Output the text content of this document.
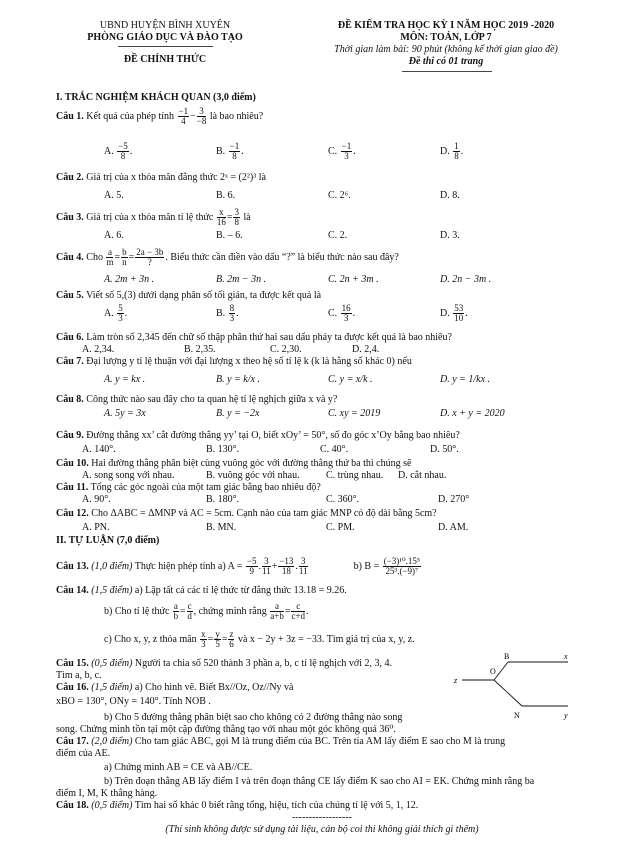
UBND HUYỆN BÌNH XUYÊN
PHÒNG GIÁO DỤC VÀ ĐÀO TẠO
ĐỀ CHÍNH THỨC
ĐỀ KIỂM TRA HỌC KỲ I NĂM HỌC 2019 -2020
MÔN: TOÁN, LỚP 7
Thời gian làm bài: 90 phút (không kể thời gian giao đề)
Đề thi có 01 trang
I. TRẮC NGHIỆM KHÁCH QUAN (3,0 điểm)
Câu 1. Kết quả của phép tính $\frac{-1}{4} - \frac{3}{-8}$ là bao nhiêu?
A. $\frac{-5}{8}$ .	B. $\frac{-1}{8}$ .	C. $\frac{-1}{3}$ .	D. $\frac{1}{8}$ .
Câu 2. Giá trị của x thỏa mãn đẳng thức 2ˣ = (2²)³ là
A. 5.	B. 6.	C. 2⁶.	D. 8.
Câu 3. Giá trị của x thỏa mãn tỉ lệ thức $\frac{x}{16} = \frac{3}{8}$ là
A. 6.	B. – 6.	C. 2.	D. 3.
Câu 4. Cho $\frac{a}{m} = \frac{b}{n} = \frac{2a - 3b}{?}$ . Biểu thức cần điền vào dấu “?” là biểu thức nào sau đây?
A. 2m + 3n .	B. 2m − 3n .	C. 2n + 3m .	D. 2n − 3m .
Câu 5. Viết số 5,(3) dưới dạng phân số tối giản, ta được kết quả là
A. $\frac{5}{3}$ .	B. $\frac{8}{3}$ .	C. $\frac{16}{3}$ .	D. $\frac{53}{10}$ .
Câu 6. Làm tròn số 2,345 đến chữ số thập phân thứ hai sau dấu phảy ta được kết quả là bao nhiêu?
A. 2,34.	B. 2,35.	C. 2,30.	D. 2,4.
Câu 7. Đại lượng y tỉ lệ thuận với đại lượng x theo hệ số tỉ lệ k (k là hằng số khác 0) nếu
A. y = kx .	B. y = k/x .	C. y = x/k .	D. y = 1/kx .
Câu 8. Công thức nào sau đây cho ta quan hệ tỉ lệ nghịch giữa x và y?
A. 5y = 3x	B. y = −2x	C. xy = 2019	D. x + y = 2020
Câu 9. Đường thẳng xx’ cắt đường thẳng yy’ tại O, biết xOy’ = 50°, số đo góc x’Oy bằng bao nhiêu?
A. 140°.	B. 130°.	C. 40°.	D. 50°.
Câu 10. Hai đường thẳng phân biệt cùng vuông góc với đường thẳng thứ ba thì chúng sẽ
A. song song với nhau.	B. vuông góc với nhau.	C. trùng nhau. D. cắt nhau.
Câu 11. Tổng các góc ngoài của một tam giác bằng bao nhiêu độ?
A. 90°.	B. 180°.	C. 360°.	D. 270°
Câu 12. Cho ΔABC = ΔMNP và AC = 5cm. Cạnh nào của tam giác MNP có độ dài bằng 5cm?
A. PN.	B. MN.	C. PM.	D. AM.
II. TỰ LUẬN (7,0 điểm)
Câu 13. (1,0 điểm) Thực hiện phép tính a) $A = \frac{-5}{9}$ . $\frac{3}{11} + \frac{-13}{18}$ . $\frac{3}{11}$	b) $B = \frac{\text{(−3)¹⁰.15⁵}}{\text{25³.(−9)⁷}}$
Câu 14. (1,5 điểm) a) Lập tất cả các tỉ lệ thức từ đẳng thức 13.18 = 9.26.
b) Cho tỉ lệ thức $\frac{a}{b} = \frac{c}{d}$ , chứng minh rằng $\frac{a}{a+b} = \frac{c}{c+d}$ .
c) Cho x, y, z thỏa mãn $\frac{x}{3} = \frac{y}{5} = \frac{z}{6}$ và x − 2y + 3z = −33. Tìm giá trị của x, y, z.
Câu 15. (0,5 điểm) Người ta chia số 520 thành 3 phần a, b, c tỉ lệ nghịch với 2, 3, 4.
Tìm a, b, c.
Câu 16. (1,5 điểm) a) Cho hình vẽ. Biết Bx//Oz, Oz//Ny và
xBO = 130°, ONy = 140°. Tính NOB .
b) Cho 5 đường thẳng phân biệt sao cho không có 2 đường thẳng nào song
song. Chứng minh tồn tại một cặp đường thẳng tạo với nhau một góc không quá 36⁰.
B	x
O
z
N	y
Câu 17. (2,0 điểm) Cho tam giác ABC, gọi M là trung điểm của BC. Trên tia AM lấy điểm E sao cho M là trung
điểm của AE.
a) Chứng minh AB = CE và AB//CE.
b) Trên đoạn thẳng AB lấy điểm I và trên đoạn thẳng CE lấy điểm K sao cho AI = EK. Chứng minh rằng ba
điểm I, M, K thẳng hàng.
Câu 18. (0,5 điểm) Tìm hai số khác 0 biết rằng tổng, hiệu, tích của chúng tỉ lệ với 5, 1, 12.
------------------
(Thí sinh không được sử dụng tài liệu, cán bộ coi thi không giải thích gì thêm)
